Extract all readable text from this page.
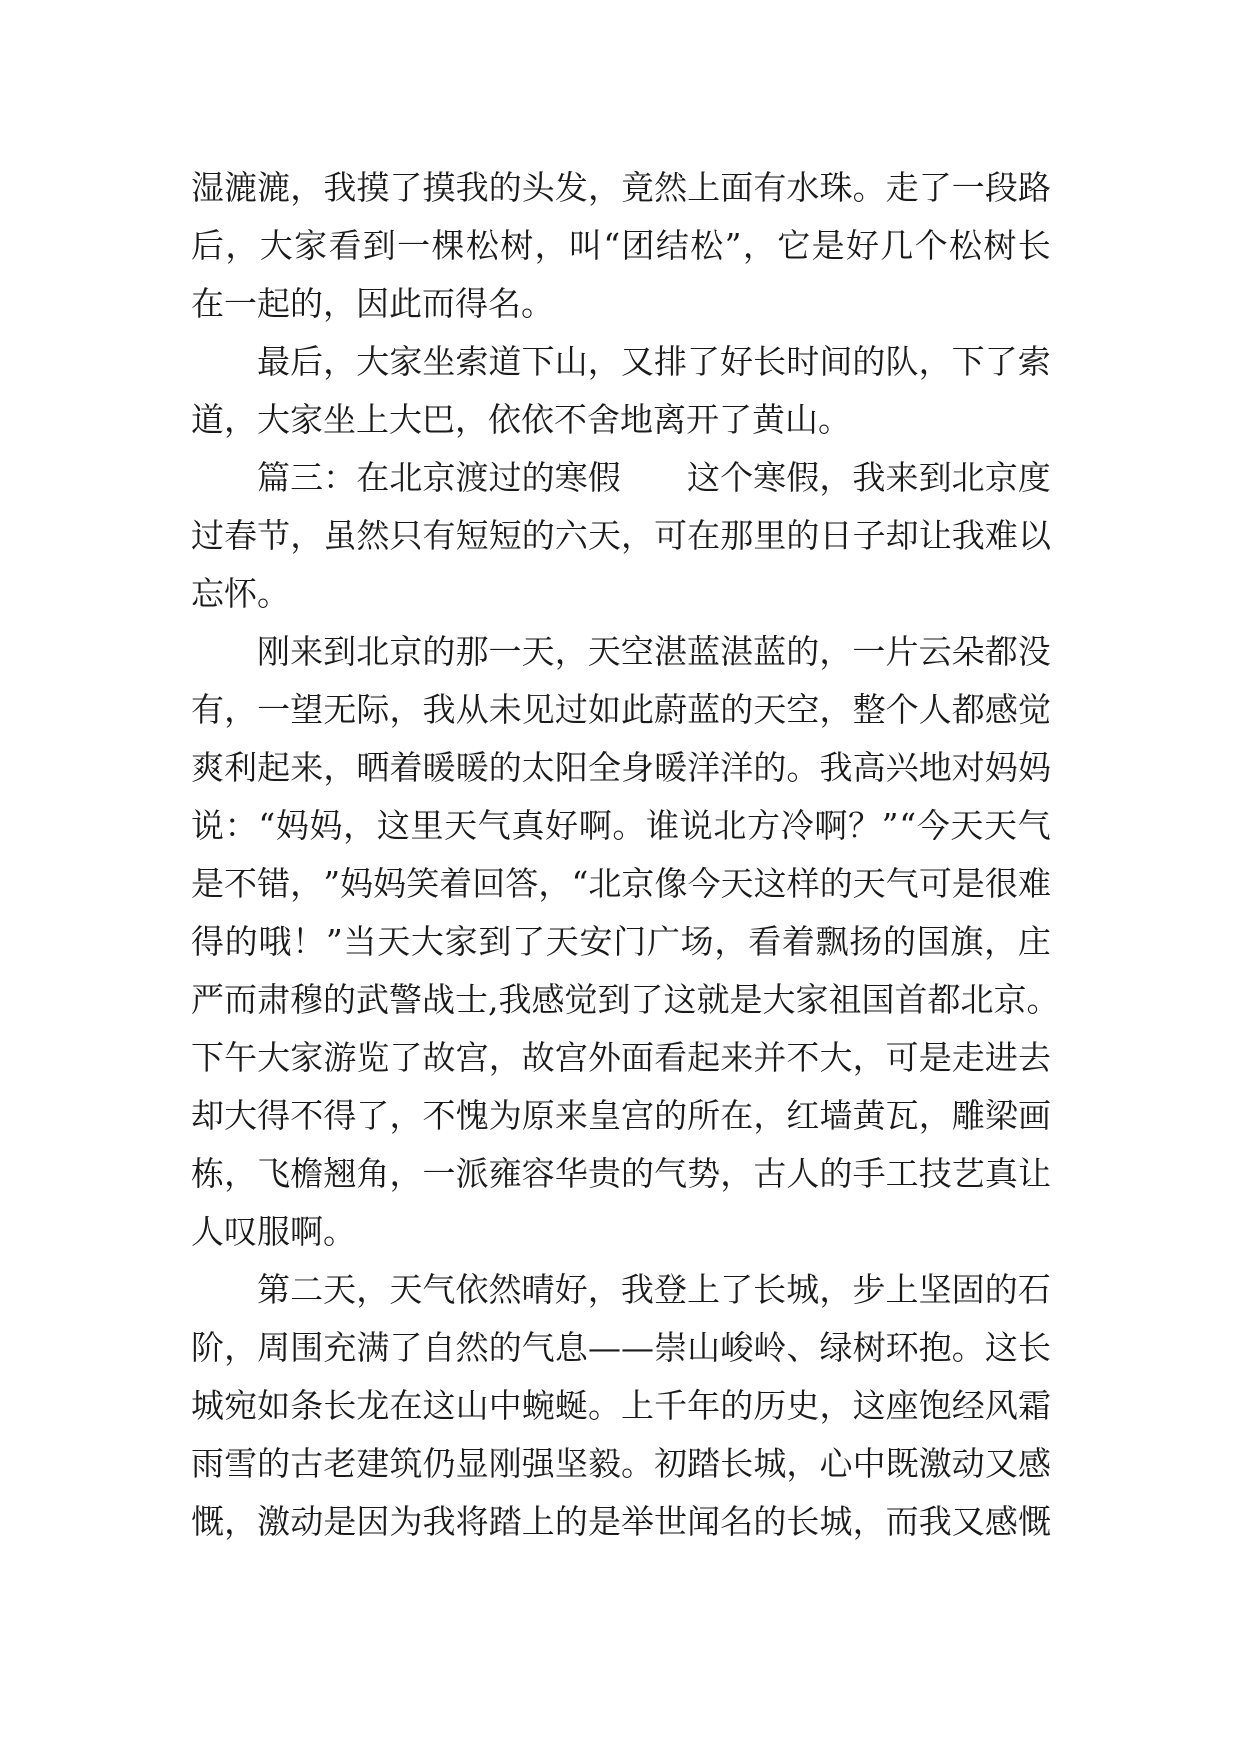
湿 漉 漉 ， 我 摸 了 摸 我 的 头 发 ， 竟 然 上 面 有 水 珠 。 走 了 一 段 路
后 ， 大 家 看 到 一 棵 松 树 ， 叫 “ 团 结 松 ” ， 它 是 好 几 个 松 树 长
在一起的，因此而得名。
最 后 ， 大 家 坐 索 道 下 山 ， 又 排 了 好 长 时 间 的 队 ， 下 了 索
道，大家坐上大巴，依依不舍地离开了黄山。
篇 三 ： 在 北 京 渡 过 的 寒 假

　 这 个 寒 假 ， 我 来 到 北 京 度
过 春 节 ， 虽 然 只 有 短 短 的 六 天 ， 可 在 那 里 的 日 子 却 让 我 难 以
忘怀。
刚 来 到 北 京 的 那 一 天 ， 天 空 湛 蓝 湛 蓝 的 ， 一 片 云 朵 都 没
有 ， 一 望 无 际 ， 我 从 未 见 过 如 此 蔚 蓝 的 天 空 ， 整 个 人 都 感 觉
爽 利 起 来 ， 晒 着 暖 暖 的 太 阳 全 身 暖 洋 洋 的 。 我 高 兴 地 对 妈 妈
说 ： “ 妈 妈 ， 这 里 天 气 真 好 啊 。 谁 说 北 方 冷 啊 ？ ” “ 今 天 天 气
是 不 错 ， ” 妈 妈 笑 着 回 答 ， “ 北 京 像 今 天 这 样 的 天 气 可 是 很 难
得 的 哦 ！ ” 当 天 大 家 到 了 天 安 门 广 场 ， 看 着 飘 扬 的 国 旗 ， 庄
严 而 肃 穆 的 武 警 战 士 , 我 感 觉 到 了 这 就 是 大 家 祖 国 首 都 北 京 。
下 午 大 家 游 览 了 故 宫 ， 故 宫 外 面 看 起 来 并 不 大 ， 可 是 走 进 去
却 大 得 不 得 了 ， 不 愧 为 原 来 皇 宫 的 所 在 ， 红 墙 黄 瓦 ， 雕 梁 画
栋 ， 飞 檐 翘 角 ， 一 派 雍 容 华 贵 的 气 势 ， 古 人 的 手 工 技 艺 真 让
人叹服啊。
第 二 天 ， 天 气 依 然 晴 好 ， 我 登 上 了 长 城 ， 步 上 坚 固 的 石
阶 ， 周 围 充 满 了 自 然 的 气 息 — — 崇 山 峻 岭 、 绿 树 环 抱 。 这 长
城 宛 如 条 长 龙 在 这 山 中 蜿 蜒 。 上 千 年 的 历 史 ， 这 座 饱 经 风 霜
雨 雪 的 古 老 建 筑 仍 显 刚 强 坚 毅 。 初 踏 长 城 ， 心 中 既 激 动 又 感
慨 ， 激 动 是 因 为 我 将 踏 上 的 是 举 世 闻 名 的 长 城 ， 而 我 又 感 慨
